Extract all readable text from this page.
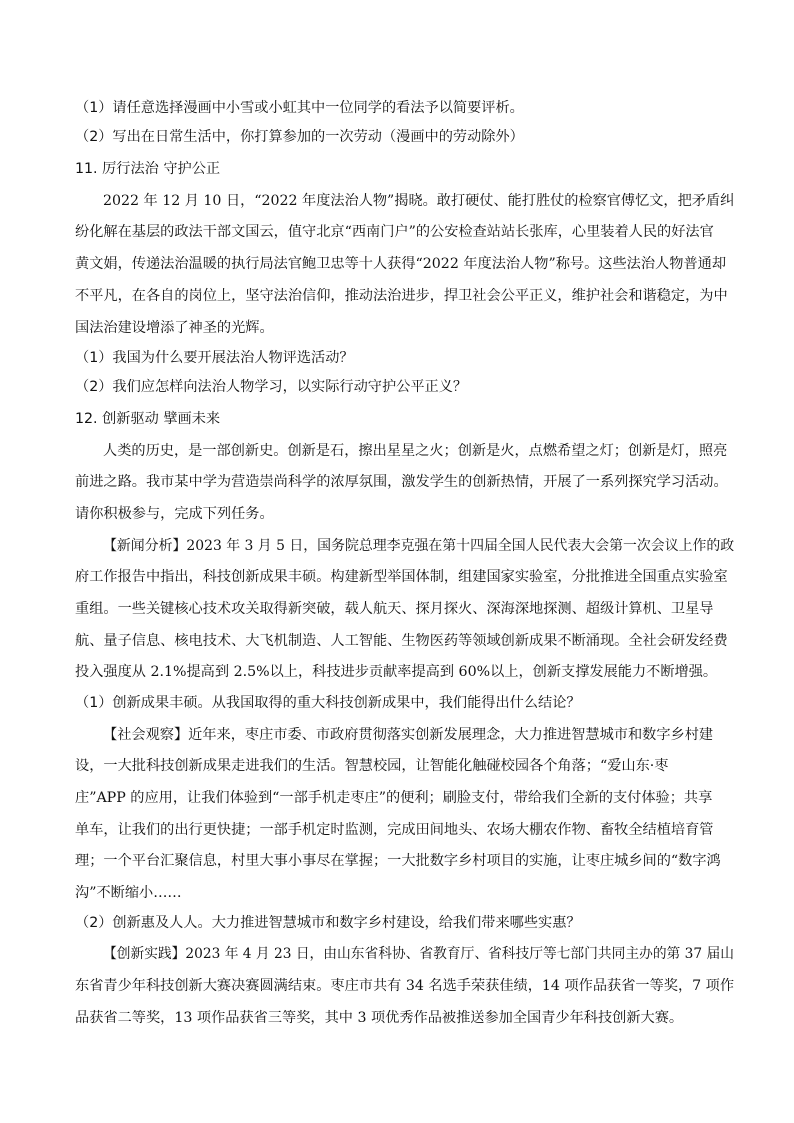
（1）请任意选择漫画中小雪或小虹其中一位同学的看法予以简要评析。
（2）写出在日常生活中，你打算参加的一次劳动（漫画中的劳动除外）
11. 厉行法治 守护公正
2022 年 12 月 10 日，“2022 年度法治人物”揭晓。敢打硬仗、能打胜仗的检察官傅忆文，把矛盾纠
纷化解在基层的政法干部文国云，值守北京“西南门户”的公安检查站站长张库，心里装着人民的好法官
黄文娟，传递法治温暖的执行局法官鲍卫忠等十人获得“2022 年度法治人物”称号。这些法治人物普通却
不平凡，在各自的岗位上，坚守法治信仰，推动法治进步，捍卫社会公平正义，维护社会和谐稳定，为中
国法治建设增添了神圣的光辉。
（1）我国为什么要开展法治人物评选活动？
（2）我们应怎样向法治人物学习，以实际行动守护公平正义？
12. 创新驱动 擘画未来
人类的历史，是一部创新史。创新是石，擦出星星之火；创新是火，点燃希望之灯；创新是灯，照亮
前进之路。我市某中学为营造崇尚科学的浓厚氛围，激发学生的创新热情，开展了一系列探究学习活动。
请你积极参与，完成下列任务。
【新闻分析】2023 年 3 月 5 日，国务院总理李克强在第十四届全国人民代表大会第一次会议上作的政
府工作报告中指出，科技创新成果丰硕。构建新型举国体制，组建国家实验室，分批推进全国重点实验室
重组。一些关键核心技术攻关取得新突破，载人航天、探月探火、深海深地探测、超级计算机、卫星导
航、量子信息、核电技术、大飞机制造、人工智能、生物医药等领域创新成果不断涌现。全社会研发经费
投入强度从 2.1%提高到 2.5%以上，科技进步贡献率提高到 60%以上，创新支撑发展能力不断增强。
（1）创新成果丰硕。从我国取得的重大科技创新成果中，我们能得出什么结论？
【社会观察】近年来，枣庄市委、市政府贯彻落实创新发展理念，大力推进智慧城市和数字乡村建
设，一大批科技创新成果走进我们的生活。智慧校园，让智能化触碰校园各个角落；“爱山东·枣
庄”APP 的应用，让我们体验到“一部手机走枣庄”的便利；刷脸支付，带给我们全新的支付体验；共享
单车，让我们的出行更快捷；一部手机定时监测，完成田间地头、农场大棚农作物、畜牧全结植培育管
理；一个平台汇聚信息，村里大事小事尽在掌握；一大批数字乡村项目的实施，让枣庄城乡间的“数字鸿
沟”不断缩小……
（2）创新惠及人人。大力推进智慧城市和数字乡村建设，给我们带来哪些实惠？
【创新实践】2023 年 4 月 23 日，由山东省科协、省教育厅、省科技厅等七部门共同主办的第 37 届山
东省青少年科技创新大赛决赛圆满结束。枣庄市共有 34 名选手荣获佳绩，14 项作品获省一等奖，7 项作
品获省二等奖，13 项作品获省三等奖，其中 3 项优秀作品被推送参加全国青少年科技创新大赛。
